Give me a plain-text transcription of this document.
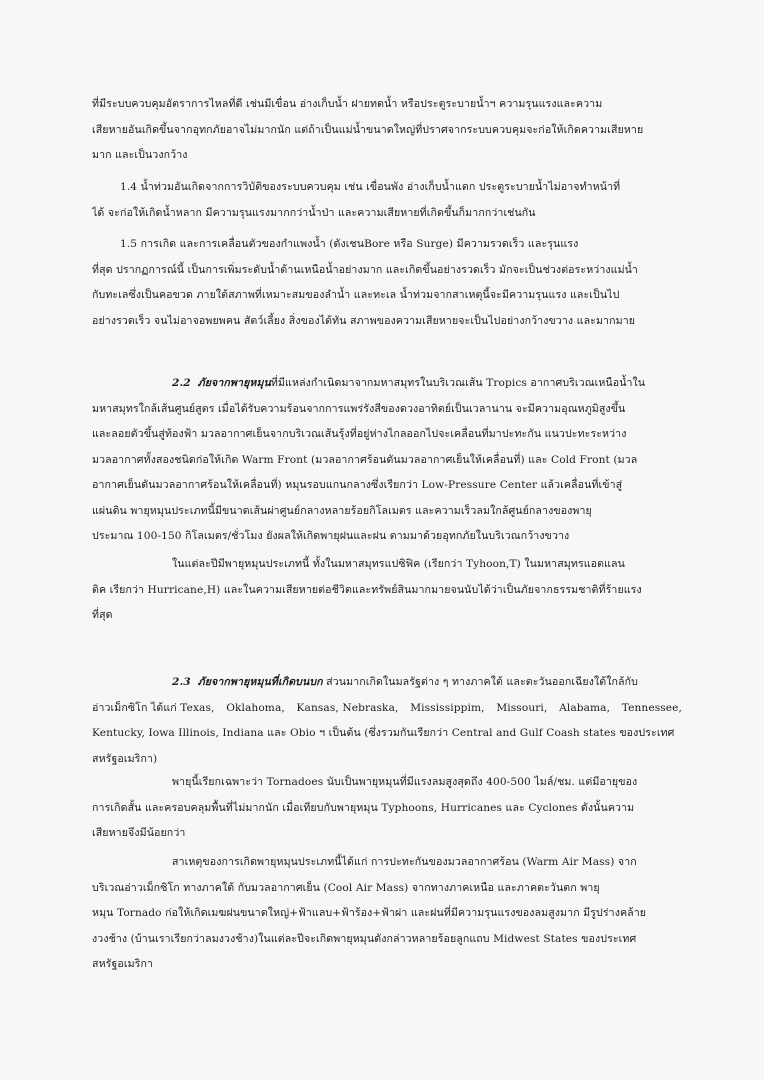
ที่มีระบบควบคุมอัตราการไหลที่ดี เช่นมีเขื่อน อ่างเก็บน้ำ ฝายทดน้ำ หรือประตูระบายน้ำฯ ความรุนแรงและความ
เสียหายอันเกิดขึ้นจากอุทกภัยอาจไม่มากนัก แต่ถ้าเป็นแม่น้ำขนาดใหญ่ที่ปราศจากระบบควบคุมจะก่อให้เกิดความเสียหาย
มาก และเป็นวงกว้าง
1.4 น้ำท่วมอันเกิดจากการวิบัติของระบบควบคุม เช่น เขื่อนพัง อ่างเก็บน้ำแตก ประตูระบายน้ำไม่อาจทำหน้าที่
ได้ จะก่อให้เกิดน้ำหลาก มีความรุนแรงมากกว่าน้ำป่า และความเสียหายที่เกิดขึ้นก็มากกว่าเช่นกัน
1.5 การเกิด และการเคลื่อนตัวของกำแพงน้ำ (ดังเชนBore หรือ Surge) มีความรวดเร็ว และรุนแรง
ที่สุด ปรากฏการณ์นี้ เป็นการเพิ่มระดับน้ำด้านเหนือน้ำอย่างมาก และเกิดขึ้นอย่างรวดเร็ว มักจะเป็นช่วงต่อระหว่างแม่น้ำ
กับทะเลซึ่งเป็นคอขวด ภายใต้สภาพที่เหมาะสมของลำน้ำ และทะเล น้ำท่วมจากสาเหตุนี้จะมีความรุนแรง และเป็นไป
อย่างรวดเร็ว จนไม่อาจอพยพคน สัตว์เลี้ยง สิ่งของได้ทัน สภาพของความเสียหายจะเป็นไปอย่างกว้างขวาง และมากมาย
2.2 ภัยจากพายุหมุนที่มีแหล่งกำเนิดมาจากมหาสมุทรในบริเวณเส้น Tropics อากาศบริเวณเหนือน้ำใน
มหาสมุทรใกล้เส้นศูนย์สูตร เมื่อได้รับความร้อนจากการแพร่รังสีของดวงอาทิตย์เป็นเวลานาน จะมีความอุณหภูมิสูงขึ้น
และลอยตัวขึ้นสู่ท้องฟ้า มวลอากาศเย็นจากบริเวณเส้นรุ้งที่อยู่ห่างไกลออกไปจะเคลื่อนที่มาปะทะกัน แนวปะทะระหว่าง
มวลอากาศทั้งสองชนิดก่อให้เกิด Warm Front (มวลอากาศร้อนดันมวลอากาศเย็นให้เคลื่อนที่) และ Cold Front (มวล
อากาศเย็นดันมวลอากาศร้อนให้เคลื่อนที่) หมุนรอบแกนกลางซึ่งเรียกว่า Low-Pressure Center แล้วเคลื่อนที่เข้าสู่
แผ่นดิน พายุหมุนประเภทนี้มีขนาดเส้นผ่าศูนย์กลางหลายร้อยกิโลเมตร และความเร็วลมใกล้ศูนย์กลางของพายุ
ประมาณ 100-150 กิโลเมตร/ชั่วโมง ยังผลให้เกิดพายุฝนและฝน ตามมาด้วยอุทกภัยในบริเวณกว้างขวาง
ในแต่ละปีมีพายุหมุนประเภทนี้ ทั้งในมหาสมุทรแปซิฟิค (เรียกว่า Tyhoon,T) ในมหาสมุทรแอตแลน
ติค เรียกว่า Hurricane,H) และในความเสียหายต่อชีวิตและทรัพย์สินมากมายจนนับได้ว่าเป็นภัยจากธรรมชาติที่ร้ายแรง
ที่สุด
2.3 ภัยจากพายุหมุนที่เกิดบนบก ส่วนมากเกิดในมลรัฐต่าง ๆ ทางภาคใต้ และตะวันออกเฉียงใต้ใกล้กับ
อ่าวเม็กซิโก ได้แก่ Texas, Oklahoma, Kansas, Nebraska, Mississippim, Missouri, Alabama, Tennessee,
Kentucky, Iowa Illinois, Indiana และ Obio ฯ เป็นต้น (ซึ่งรวมกันเรียกว่า Central and Gulf Coash states ของประเทศ
สหรัฐอเมริกา)
พายุนี้เรียกเฉพาะว่า Tornadoes นับเป็นพายุหมุนที่มีแรงลมสูงสุดถึง 400-500 ไมล์/ชม. แต่มีอายุของ
การเกิดสั้น และครอบคลุมพื้นที่ไม่มากนัก เมื่อเทียบกับพายุหมุน Typhoons, Hurricanes และ Cyclones ดังนั้นความ
เสียหายจึงมีน้อยกว่า
สาเหตุของการเกิดพายุหมุนประเภทนี้ได้แก่ การปะทะกันของมวลอากาศร้อน (Warm Air Mass) จาก
บริเวณอ่าวเม็กซิโก ทางภาคใต้ กับมวลอากาศเย็น (Cool Air Mass) จากทางภาคเหนือ และภาคตะวันตก พายุ
หมุน Tornado ก่อให้เกิดเมฆฝนขนาดใหญ่+ฟ้าแลบ+ฟ้าร้อง+ฟ้าผ่า และฝนที่มีความรุนแรงของลมสูงมาก มีรูปร่างคล้าย
งวงช้าง (บ้านเราเรียกว่าลมงวงช้าง)ในแต่ละปีจะเกิดพายุหมุนดังกล่าวหลายร้อยลูกแถบ Midwest States ของประเทศ
สหรัฐอเมริกา
